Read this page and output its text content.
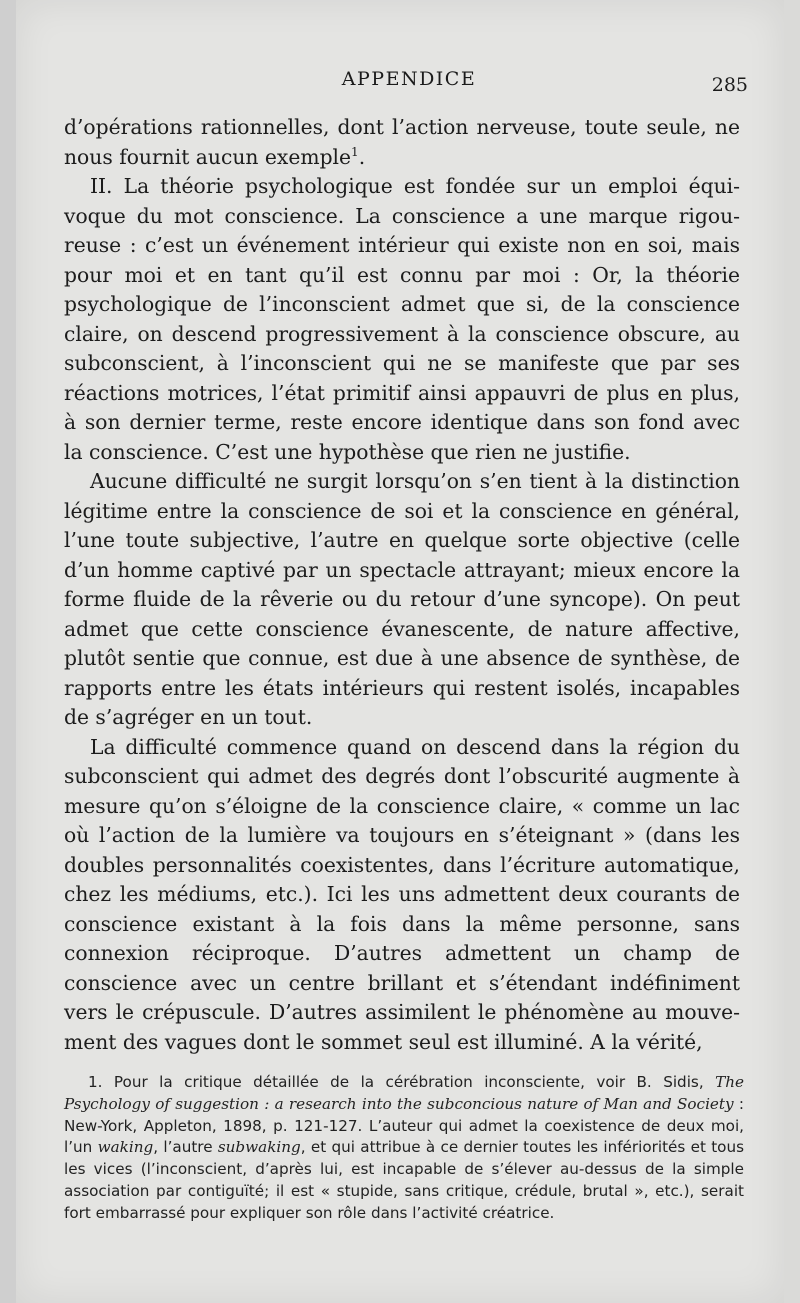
APPENDICE	285

d’opérations rationnelles, dont l’action nerveuse, toute seule, ne nous fournit aucun exemple$^1$.

II. La théorie psychologique est fondée sur un emploi équivoque du mot conscience. La conscience a une marque rigoureuse : c’est un événement intérieur qui existe non en soi, mais pour moi et en tant qu’il est connu par moi : Or, la théorie psychologique de l’inconscient admet que si, de la conscience claire, on descend progressivement à la conscience obscure, au subconscient, à l’inconscient qui ne se manifeste que par ses réactions motrices, l’état primitif ainsi appauvri de plus en plus, à son dernier terme, reste encore identique dans son fond avec la conscience. C’est une hypothèse que rien ne justifie.

Aucune difficulté ne surgit lorsqu’on s’en tient à la distinction légitime entre la conscience de soi et la conscience en général, l’une toute subjective, l’autre en quelque sorte objective (celle d’un homme captivé par un spectacle attrayant; mieux encore la forme fluide de la rêverie ou du retour d’une syncope). On peut admet que cette conscience évanescente, de nature affective, plutôt sentie que connue, est due à une absence de synthèse, de rapports entre les états intérieurs qui restent isolés, incapables de s’agréger en un tout.

La difficulté commence quand on descend dans la région du subconscient qui admet des degrés dont l’obscurité augmente à mesure qu’on s’éloigne de la conscience claire, « comme un lac où l’action de la lumière va toujours en s’éteignant » (dans les doubles personnalités coexistentes, dans l’écriture automatique, chez les médiums, etc.). Ici les uns admettent deux courants de conscience existant à la fois dans la même personne, sans connexion réciproque. D’autres admettent un champ de conscience avec un centre brillant et s’étendant indéfiniment vers le crépuscule. D’autres assimilent le phénomène au mouvement des vagues dont le sommet seul est illuminé. A la vérité,

1. Pour la critique détaillée de la cérébration inconsciente, voir B. Sidis, The Psychology of suggestion : a research into the subconcious nature of Man and Society : New-York, Appleton, 1898, p. 121-127. L’auteur qui admet la coexistence de deux moi, l’un waking, l’autre subwaking, et qui attribue à ce dernier toutes les infériorités et tous les vices (l’inconscient, d’après lui, est incapable de s’élever au-dessus de la simple association par contiguïté; il est « stupide, sans critique, crédule, brutal », etc.), serait fort embarrassé pour expliquer son rôle dans l’activité créatrice.
